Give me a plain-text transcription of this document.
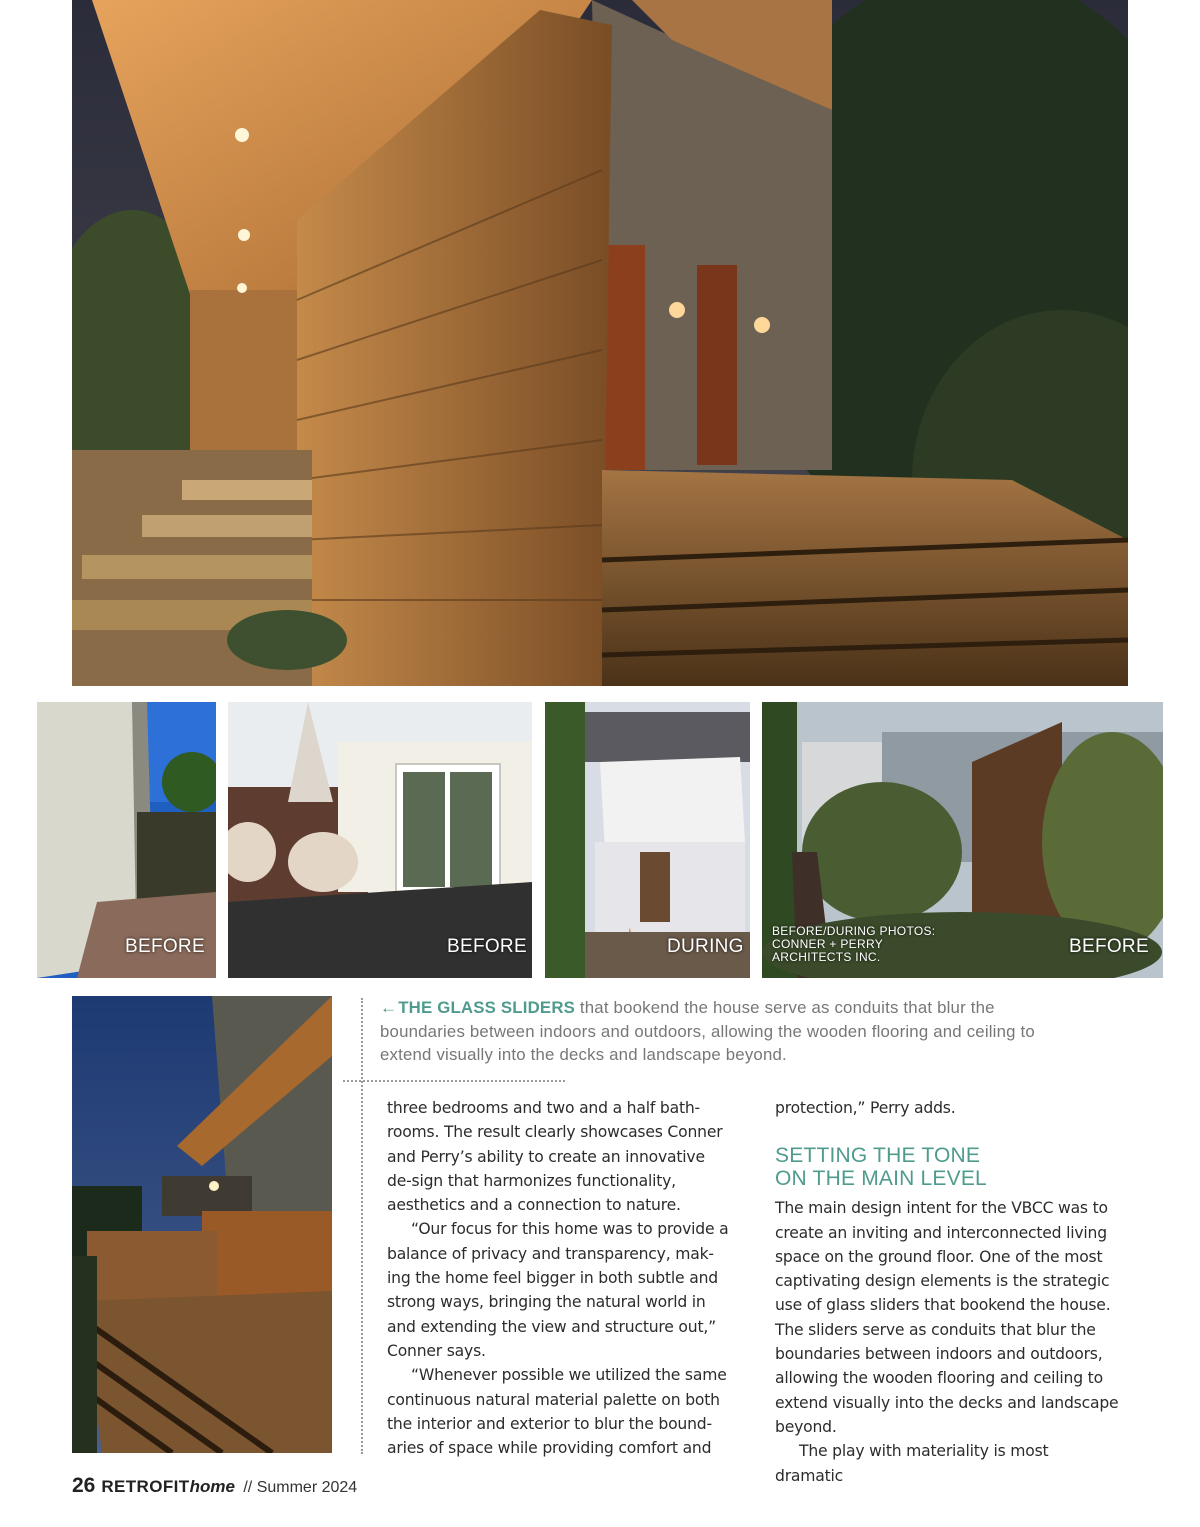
BEFORE	BEFORE	DURING
BEFORE/DURING PHOTOS:
CONNER + PERRY
ARCHITECTS INC.	BEFORE
←THE GLASS SLIDERS that bookend the house serve as conduits that blur the boundaries between indoors and outdoors, allowing the wooden flooring and ceiling to extend visually into the decks and landscape beyond.

three bedrooms and two and a half bath-rooms. The result clearly showcases Conner and Perry’s ability to create an innovative de-sign that harmonizes functionality, aesthetics and a connection to nature.

“Our focus for this home was to provide a balance of privacy and transparency, mak-ing the home feel bigger in both subtle and strong ways, bringing the natural world in and extending the view and structure out,” Conner says.

“Whenever possible we utilized the same continuous natural material palette on both the interior and exterior to blur the bound-aries of space while providing comfort and

protection,” Perry adds.

SETTING THE TONE
ON THE MAIN LEVEL

The main design intent for the VBCC was to create an inviting and interconnected living space on the ground floor. One of the most captivating design elements is the strategic use of glass sliders that bookend the house. The sliders serve as conduits that blur the boundaries between indoors and outdoors, allowing the wooden flooring and ceiling to extend visually into the decks and landscape beyond.

The play with materiality is most dramatic

26 RETROFIThome // Summer 2024
